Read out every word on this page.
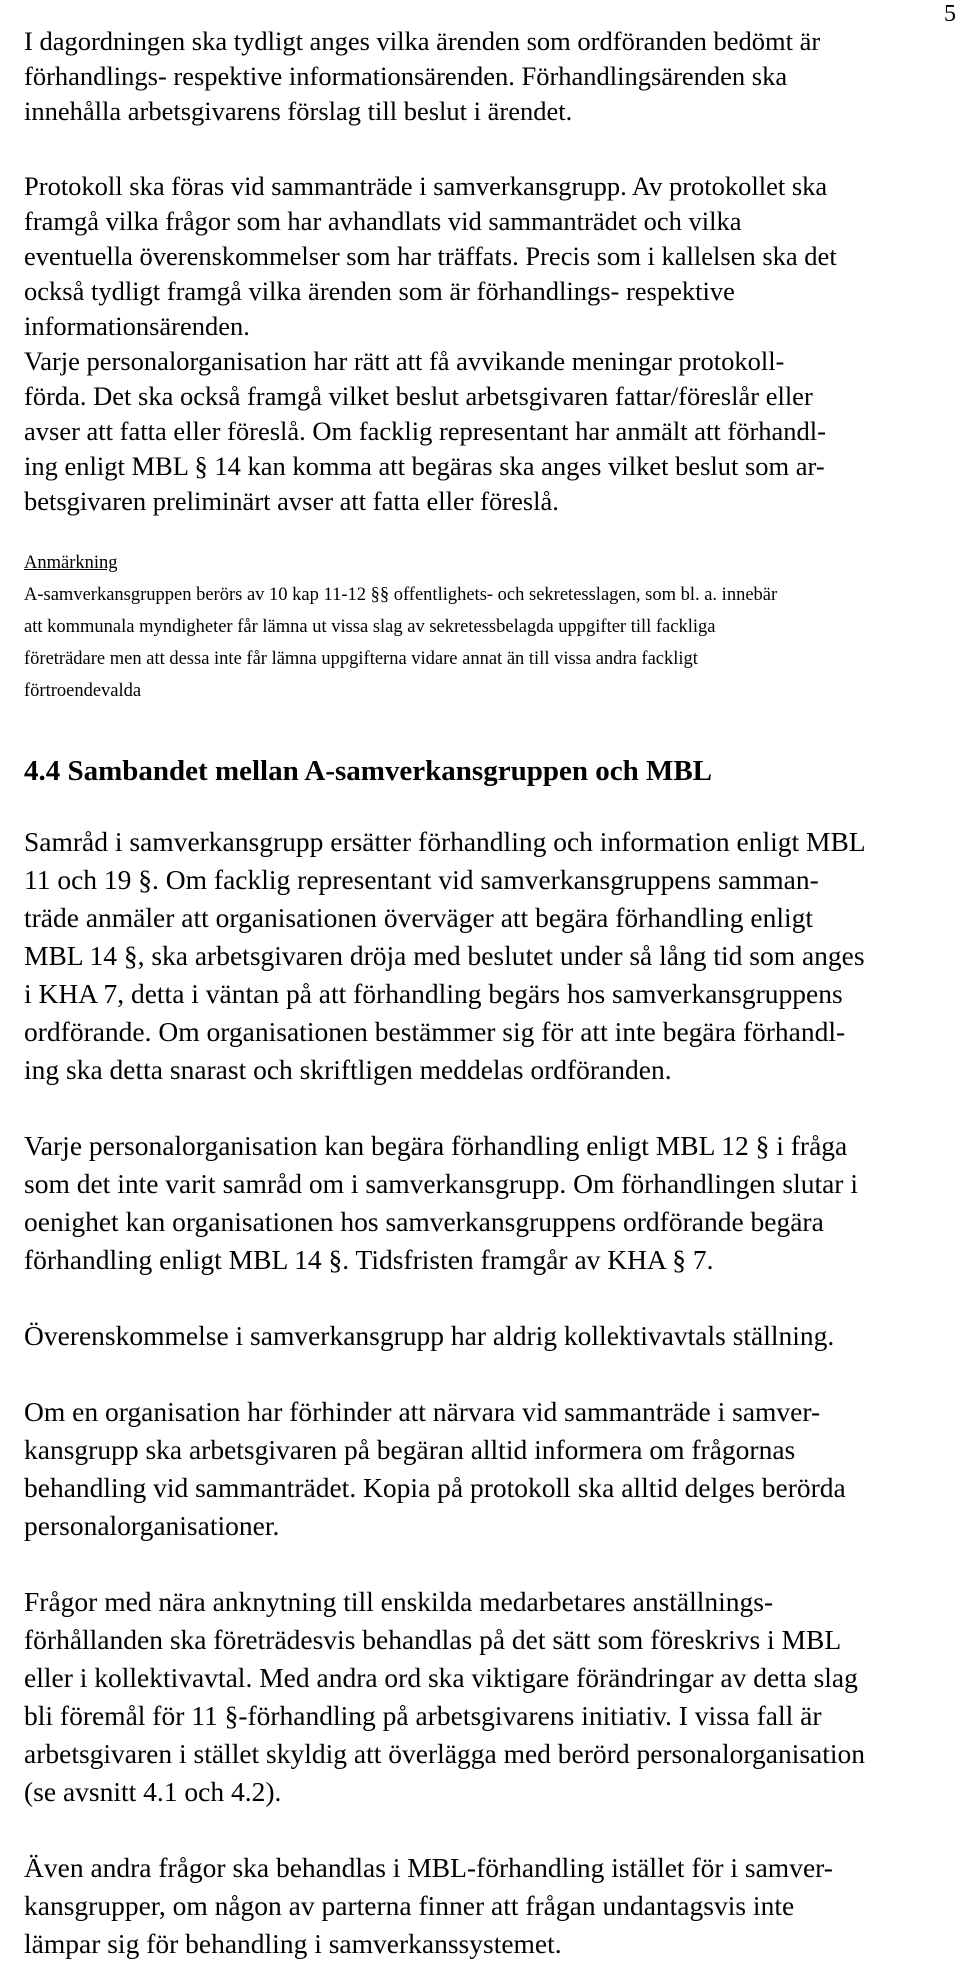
5

I dagordningen ska tydligt anges vilka ärenden som ordföranden bedömt är

förhandlings- respektive informationsärenden. Förhandlingsärenden ska

innehålla arbetsgivarens förslag till beslut i ärendet.

Protokoll ska föras vid sammanträde i samverkansgrupp. Av protokollet ska

framgå vilka frågor som har avhandlats vid sammanträdet och vilka

eventuella överenskommelser som har träffats. Precis som i kallelsen ska det

också tydligt framgå vilka ärenden som är förhandlings- respektive

informationsärenden.

Varje personalorganisation har rätt att få avvikande meningar protokoll-

förda. Det ska också framgå vilket beslut arbetsgivaren fattar/föreslår eller

avser att fatta eller föreslå. Om facklig representant har anmält att förhandl-

ing enligt MBL § 14 kan komma att begäras ska anges vilket beslut som ar-

betsgivaren preliminärt avser att fatta eller föreslå.

Anmärkning

A-samverkansgruppen berörs av 10 kap 11-12 §§ offentlighets- och sekretesslagen, som bl. a. innebär

att kommunala myndigheter får lämna ut vissa slag av sekretessbelagda uppgifter till fackliga

företrädare men att dessa inte får lämna uppgifterna vidare annat än till vissa andra fackligt

förtroendevalda

4.4 Sambandet mellan A-samverkansgruppen och MBL

Samråd i samverkansgrupp ersätter förhandling och information enligt MBL

11 och 19 §. Om facklig representant vid samverkansgruppens samman-

träde anmäler att organisationen överväger att begära förhandling enligt

MBL 14 §, ska arbetsgivaren dröja med beslutet under så lång tid som anges

i KHA 7, detta i väntan på att förhandling begärs hos samverkansgruppens

ordförande. Om organisationen bestämmer sig för att inte begära förhandl-

ing ska detta snarast och skriftligen meddelas ordföranden.

Varje personalorganisation kan begära förhandling enligt MBL 12 § i fråga

som det inte varit samråd om i samverkansgrupp. Om förhandlingen slutar i

oenighet kan organisationen hos samverkansgruppens ordförande begära

förhandling enligt MBL 14 §. Tidsfristen framgår av KHA § 7.

Överenskommelse i samverkansgrupp har aldrig kollektivavtals ställning.

Om en organisation har förhinder att närvara vid sammanträde i samver-

kansgrupp ska arbetsgivaren på begäran alltid informera om frågornas

behandling vid sammanträdet. Kopia på protokoll ska alltid delges berörda

personalorganisationer.

Frågor med nära anknytning till enskilda medarbetares anställnings-

förhållanden ska företrädesvis behandlas på det sätt som föreskrivs i MBL

eller i kollektivavtal. Med andra ord ska viktigare förändringar av detta slag

bli föremål för 11 §-förhandling på arbetsgivarens initiativ. I vissa fall är

arbetsgivaren i stället skyldig att överlägga med berörd personalorganisation

(se avsnitt 4.1 och 4.2).

Även andra frågor ska behandlas i MBL-förhandling istället för i samver-

kansgrupper, om någon av parterna finner att frågan undantagsvis inte

lämpar sig för behandling i samverkanssystemet.
